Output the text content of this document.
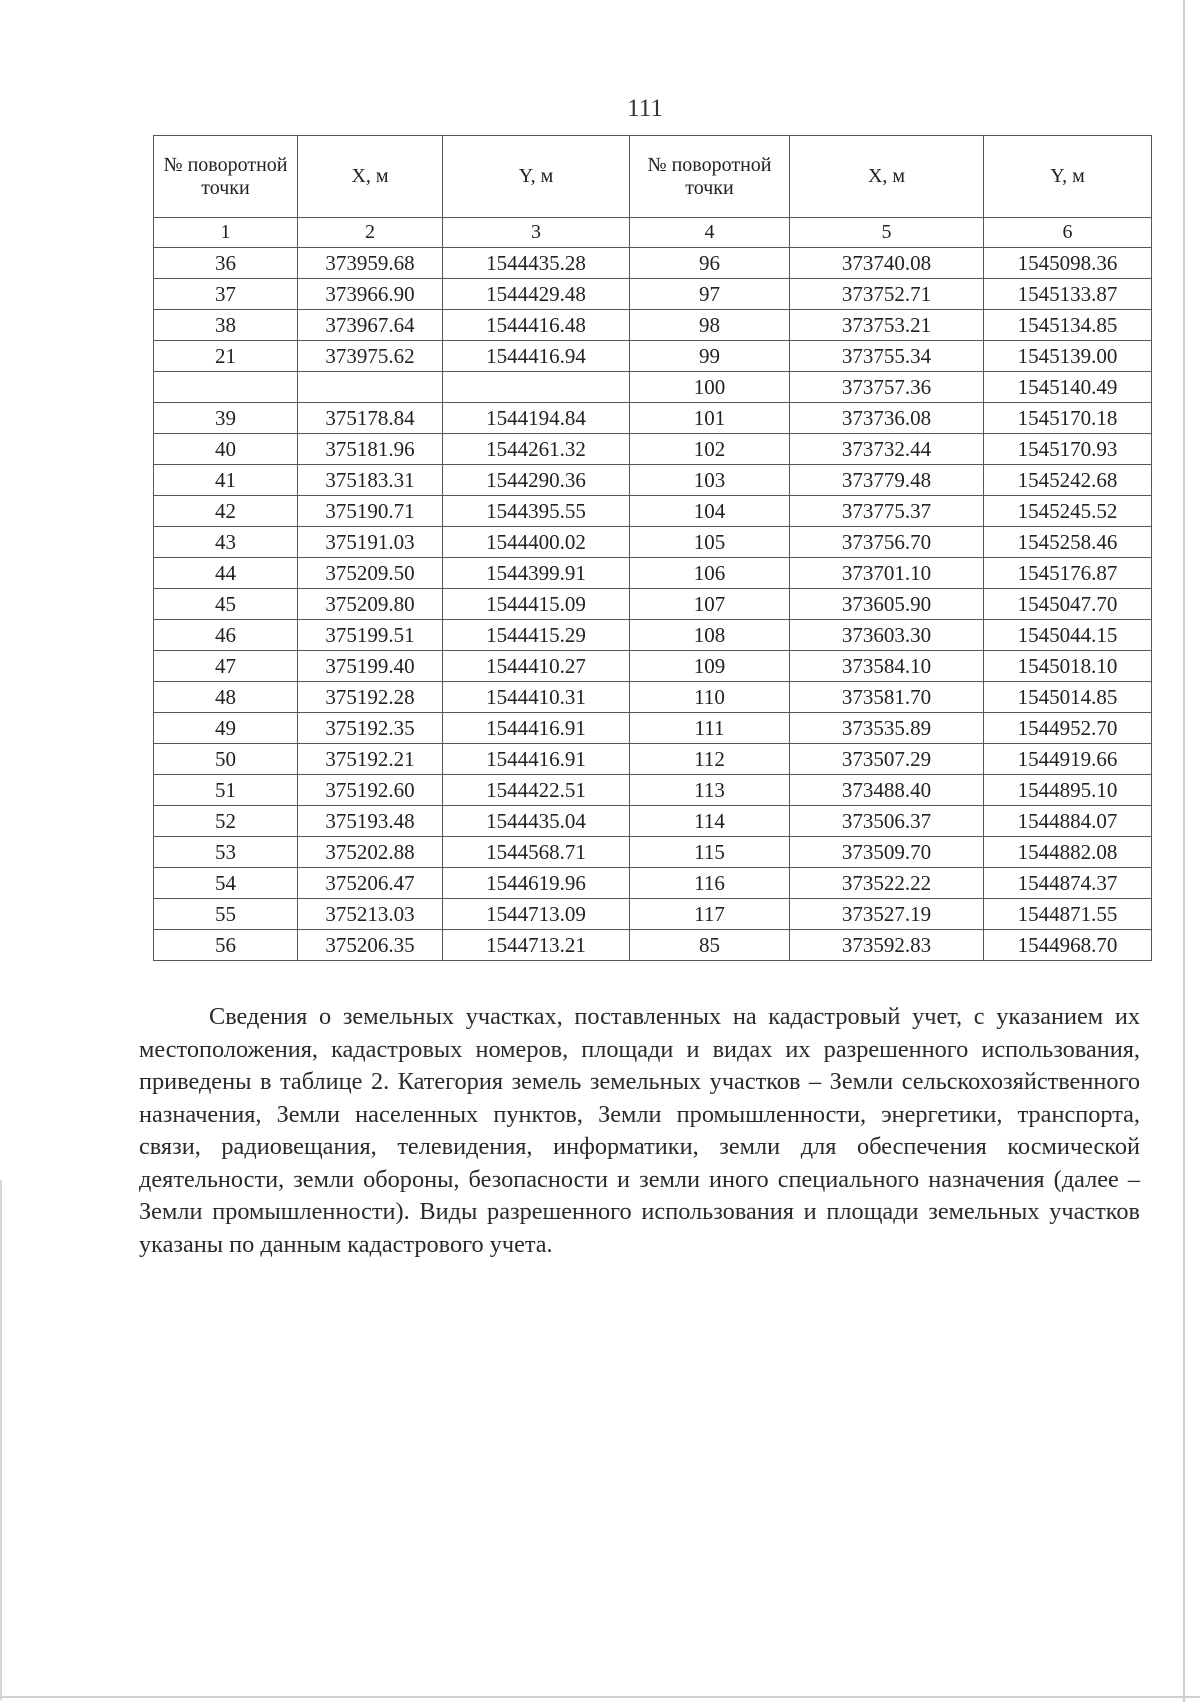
111
№ поворотной точки	X, м	Y, м	№ поворотной точки	X, м	Y, м
1	2	3	4	5	6
36	373959.68	1544435.28	96	373740.08	1545098.36
37	373966.90	1544429.48	97	373752.71	1545133.87
38	373967.64	1544416.48	98	373753.21	1545134.85
21	373975.62	1544416.94	99	373755.34	1545139.00
			100	373757.36	1545140.49
39	375178.84	1544194.84	101	373736.08	1545170.18
40	375181.96	1544261.32	102	373732.44	1545170.93
41	375183.31	1544290.36	103	373779.48	1545242.68
42	375190.71	1544395.55	104	373775.37	1545245.52
43	375191.03	1544400.02	105	373756.70	1545258.46
44	375209.50	1544399.91	106	373701.10	1545176.87
45	375209.80	1544415.09	107	373605.90	1545047.70
46	375199.51	1544415.29	108	373603.30	1545044.15
47	375199.40	1544410.27	109	373584.10	1545018.10
48	375192.28	1544410.31	110	373581.70	1545014.85
49	375192.35	1544416.91	111	373535.89	1544952.70
50	375192.21	1544416.91	112	373507.29	1544919.66
51	375192.60	1544422.51	113	373488.40	1544895.10
52	375193.48	1544435.04	114	373506.37	1544884.07
53	375202.88	1544568.71	115	373509.70	1544882.08
54	375206.47	1544619.96	116	373522.22	1544874.37
55	375213.03	1544713.09	117	373527.19	1544871.55
56	375206.35	1544713.21	85	373592.83	1544968.70

Сведения о земельных участках, поставленных на кадастровый учет, с указанием их местоположения, кадастровых номеров, площади и видах их разрешенного использования, приведены в таблице 2. Категория земель земельных участков – Земли сельскохозяйственного назначения, Земли населенных пунктов, Земли промышленности, энергетики, транспорта, связи, радиовещания, телевидения, информатики, земли для обеспечения космической деятельности, земли обороны, безопасности и земли иного специального назначения (далее – Земли промышленности). Виды разрешенного использования и площади земельных участков указаны по данным кадастрового учета.
